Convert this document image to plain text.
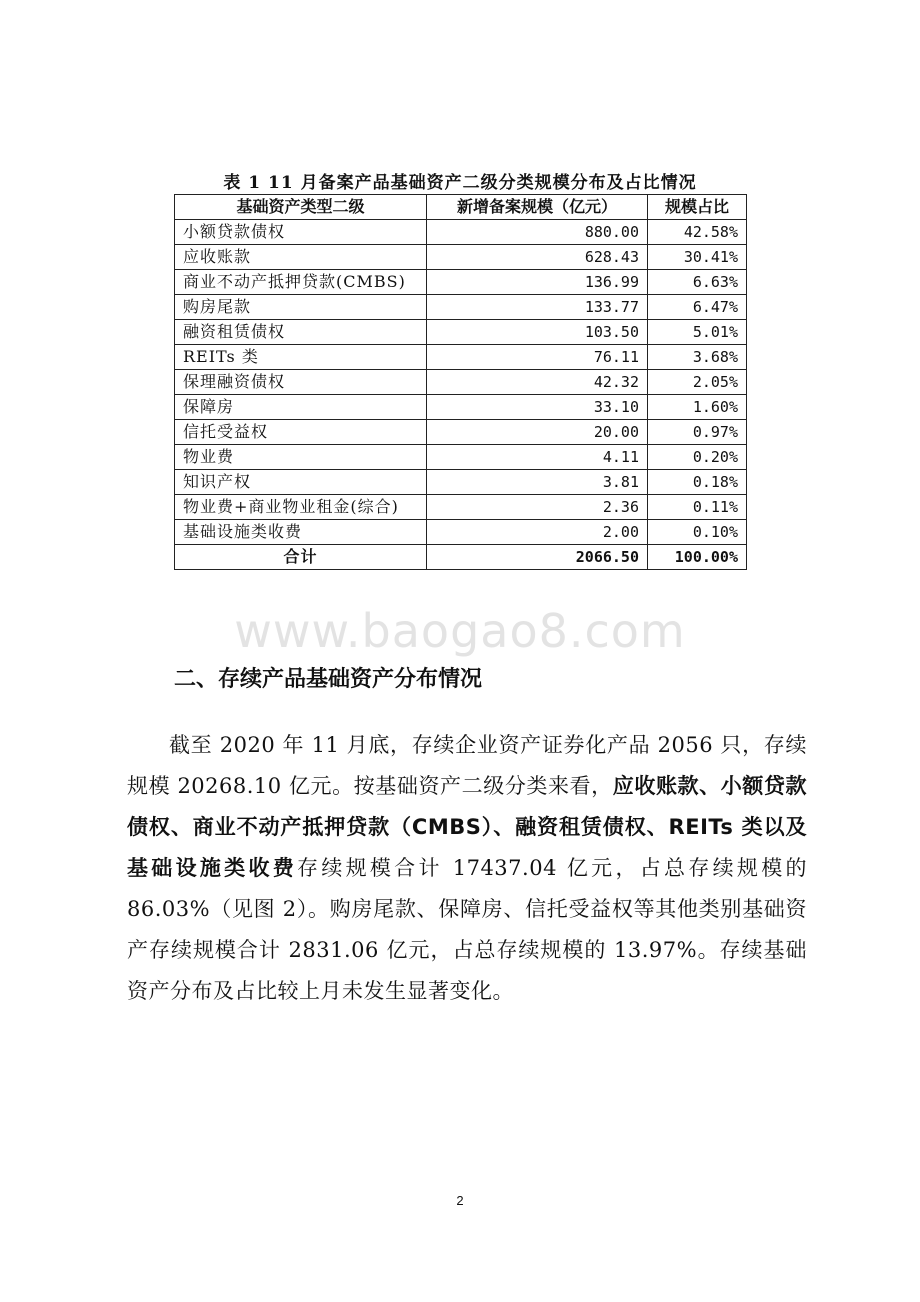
表 1 11 月备案产品基础资产二级分类规模分布及占比情况
基础资产类型二级	新增备案规模（亿元）	规模占比
小额贷款债权	880.00	42.58%
应收账款	628.43	30.41%
商业不动产抵押贷款(CMBS)	136.99	6.63%
购房尾款	133.77	6.47%
融资租赁债权	103.50	5.01%
REITs 类	76.11	3.68%
保理融资债权	42.32	2.05%
保障房	33.10	1.60%
信托受益权	20.00	0.97%
物业费	4.11	0.20%
知识产权	3.81	0.18%
物业费+商业物业租金(综合)	2.36	0.11%
基础设施类收费	2.00	0.10%
合计	2066.50	100.00%
www.baogao8.com
二、存续产品基础资产分布情况

截至 2020 年 11 月底，存续企业资产证券化产品 2056 只，存续规模 20268.10 亿元。按基础资产二级分类来看，应收账款、小额贷款债权、商业不动产抵押贷款（CMBS）、融资租赁债权、REITs 类以及基础设施类收费存续规模合计 17437.04 亿元，占总存续规模的 86.03%（见图 2）。购房尾款、保障房、信托受益权等其他类别基础资产存续规模合计 2831.06 亿元，占总存续规模的 13.97%。存续基础资产分布及占比较上月未发生显著变化。

2
